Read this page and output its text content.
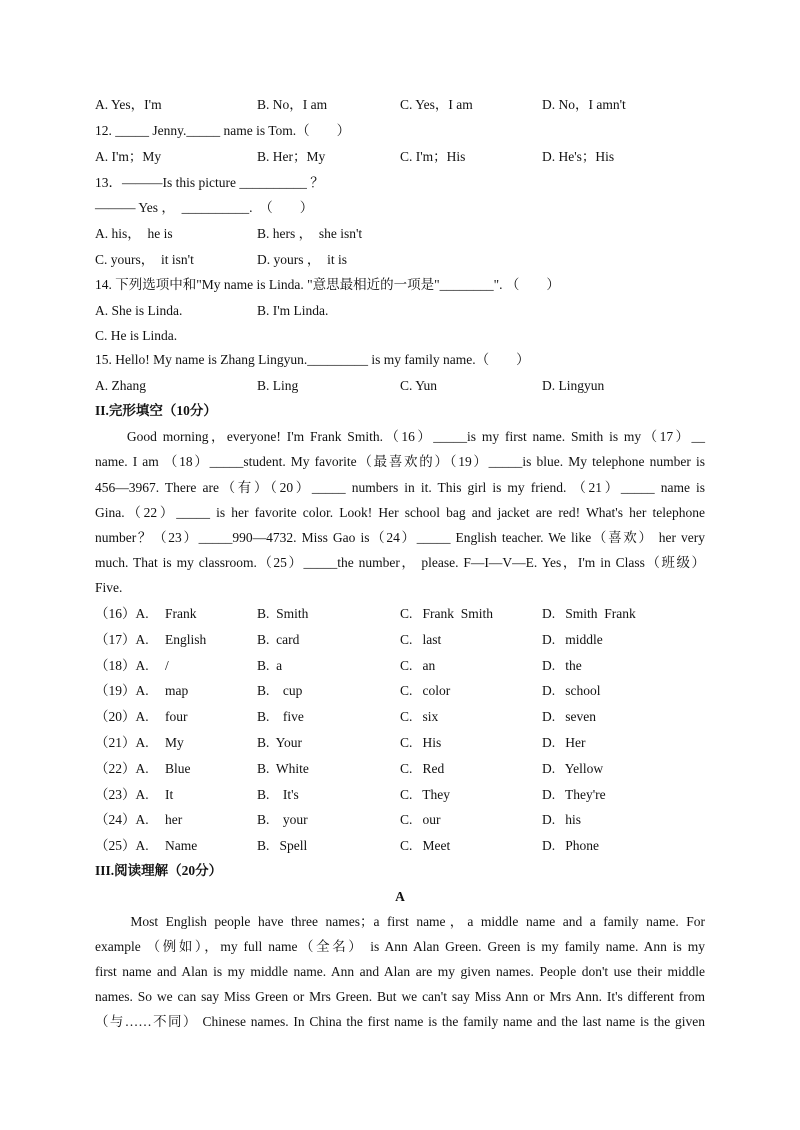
A. Yes，I'm	B. No，I am	C. Yes，I am	D. No，I amn't
12. _____ Jenny._____ name is Tom.（　　）
A. I'm；My	B. Her；My	C. I'm；His	D. He's；His
13．———Is this picture __________ ？
——— Yes ，  __________.  （　　）
A. his，  he is	B. hers ，  she isn't
C. yours，  it isn't	D. yours ，  it is
14. 下列选项中和"My name is Linda. "意思最相近的一项是"________". （　　）
A. She is Linda.	B. I'm Linda.
C. He is Linda.
15. Hello! My name is Zhang Lingyun._________ is my family name.（　　）
A. Zhang	B. Ling	C. Yun	D. Lingyun
II.完形填空（10分）
　　Good morning，everyone! I'm Frank Smith.（16）_____is my first name. Smith is my（17）__
name. I am （18）_____student. My favorite（最喜欢的）（19）_____is blue. My telephone number is
456—3967. There are（有）（20）_____ numbers in it. This girl is my friend. （21）_____ name is
Gina.（22）_____ is her favorite color. Look! Her school bag and jacket are red! What's her telephone
number？（23）_____990—4732. Miss Gao is（24）_____ English teacher. We like（喜欢） her very
much. That is my classroom.（25）_____the number， please. F—I—V—E. Yes，I'm in Class（班级）
Five.
（16）A. Frank	B.  Smith	C.   Frank  Smith	D.   Smith  Frank
（17）A. English	B.  card	C.   last	D.   middle
（18）A. /	B.  a	C.   an	D.   the
（19）A. map	B.    cup	C.   color	D.   school
（20）A. four	B.    five	C.   six	D.   seven
（21）A. My	B.  Your	C.   His	D.   Her
（22）A. Blue	B.  White	C.   Red	D.   Yellow
（23）A. It	B.    It's	C.   They	D.   They're
（24）A. her	B.    your	C.   our	D.   his
（25）A. Name	B.   Spell	C.   Meet	D.   Phone
III.阅读理解（20分）
A
　　Most English people have three names；a first name，a middle name and a family name. For
example （例如），my full name（全名） is Ann Alan Green. Green is my family name. Ann is my
first name and Alan is my middle name. Ann and Alan are my given names. People don't use their middle
names. So we can say Miss Green or Mrs Green. But we can't say Miss Ann or Mrs Ann. It's different from
（与……不同） Chinese names. In China the first name is the family name and the last name is the given
